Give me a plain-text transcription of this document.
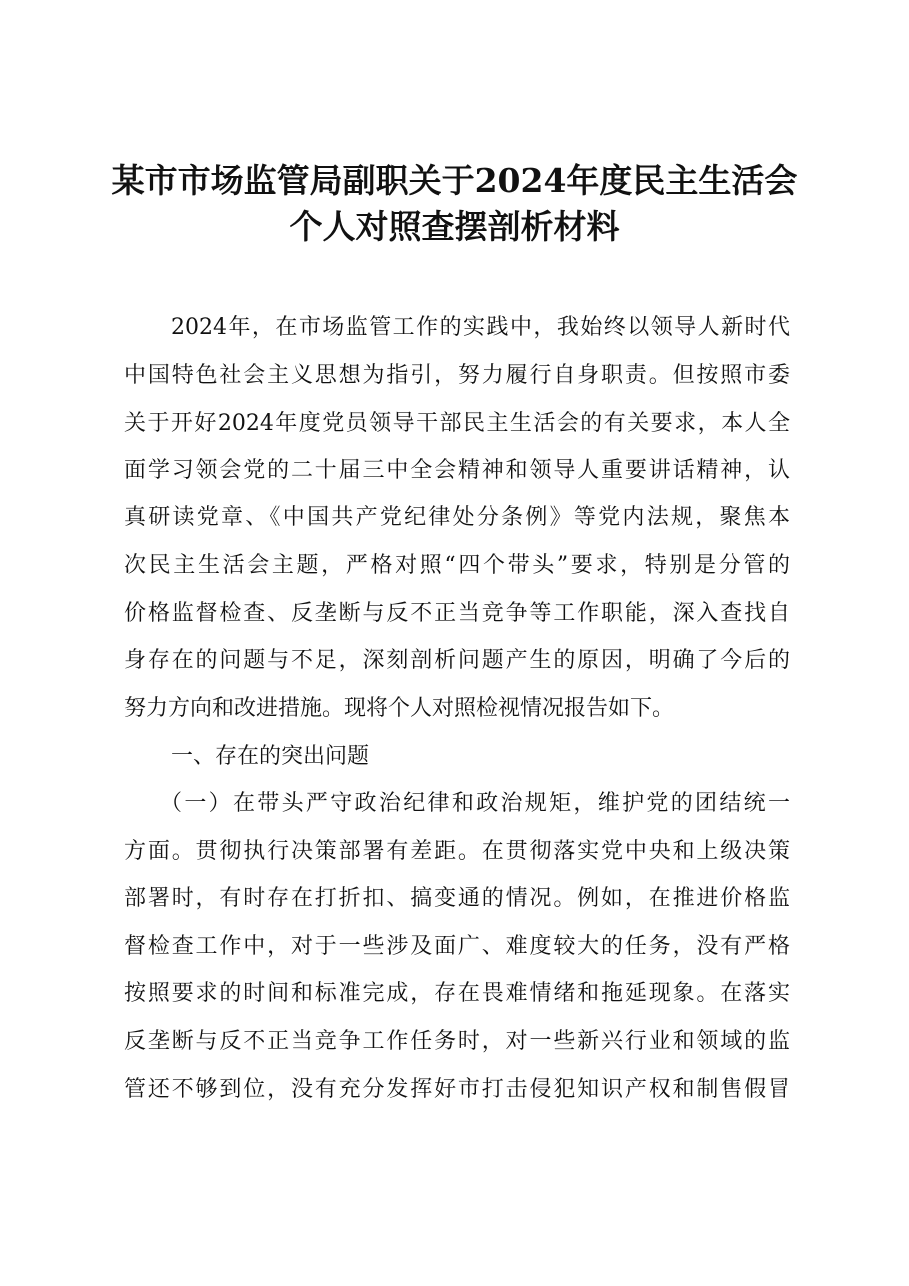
某市市场监管局副职关于2024年度民主生活会
个人对照查摆剖析材料
2024年，在市场监管工作的实践中，我始终以领导人新时代
中国特色社会主义思想为指引，努力履行自身职责。但按照市委
关于开好2024年度党员领导干部民主生活会的有关要求，本人全
面学习领会党的二十届三中全会精神和领导人重要讲话精神，认
真研读党章、《中国共产党纪律处分条例》等党内法规，聚焦本
次民主生活会主题，严格对照“四个带头”要求，特别是分管的
价格监督检查、反垄断与反不正当竞争等工作职能，深入查找自
身存在的问题与不足，深刻剖析问题产生的原因，明确了今后的
努力方向和改进措施。现将个人对照检视情况报告如下。
一、存在的突出问题
（一）在带头严守政治纪律和政治规矩，维护党的团结统一
方面。贯彻执行决策部署有差距。在贯彻落实党中央和上级决策
部署时，有时存在打折扣、搞变通的情况。例如，在推进价格监
督检查工作中，对于一些涉及面广、难度较大的任务，没有严格
按照要求的时间和标准完成，存在畏难情绪和拖延现象。在落实
反垄断与反不正当竞争工作任务时，对一些新兴行业和领域的监
管还不够到位，没有充分发挥好市打击侵犯知识产权和制售假冒
